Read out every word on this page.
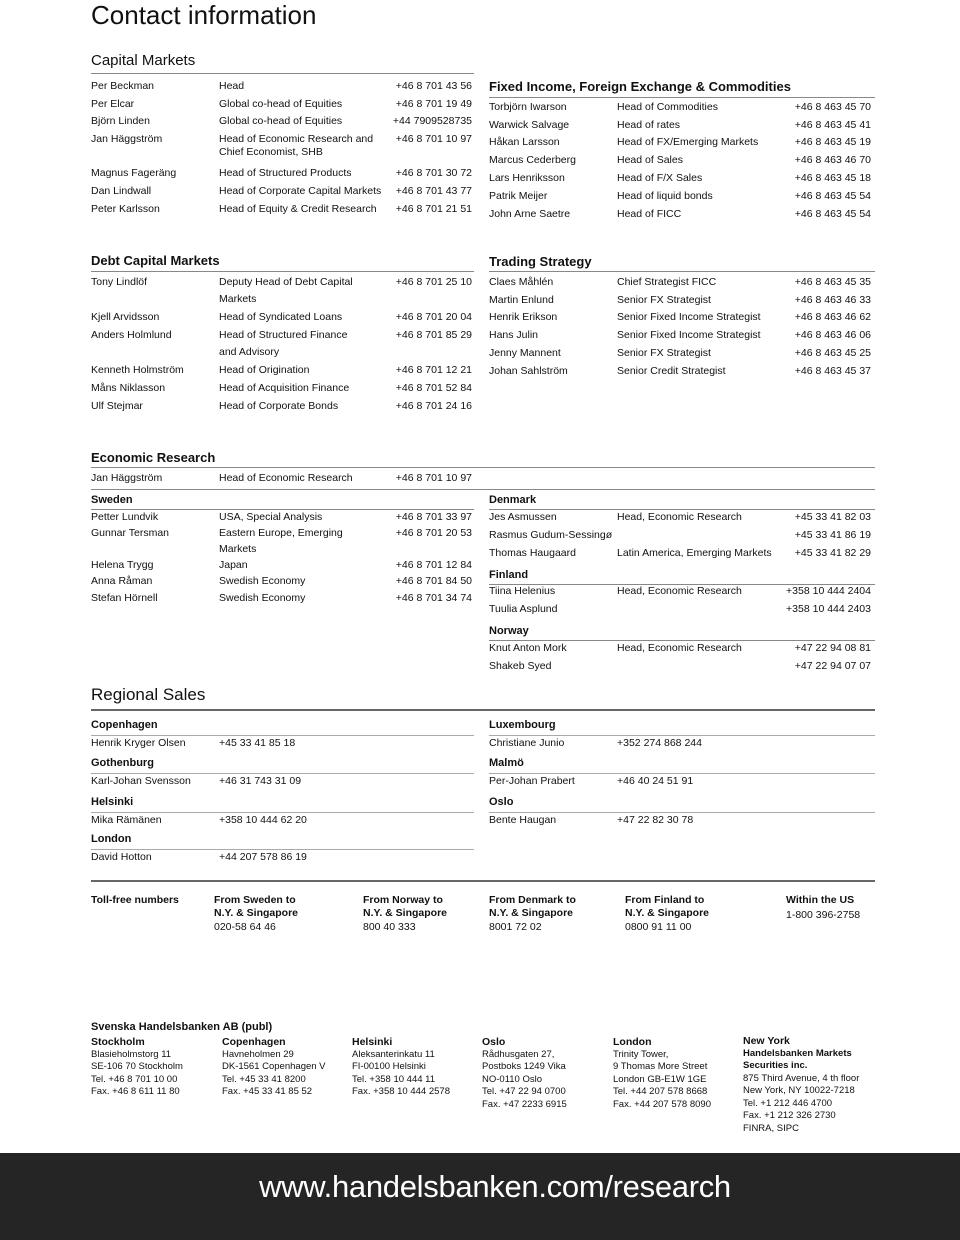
Contact information
Capital Markets
Per Beckman	Head	+46 8 701 43 56
Per Elcar	Global co-head of Equities	+46 8 701 19 49
Björn Linden	Global co-head of Equities	+44 7909528735
Jan Häggström	Head of Economic Research and +46 8 701 10 97
Chief Economist, SHB
Magnus Fageräng	Head of Structured Products	+46 8 701 30 72
Dan Lindwall	Head of Corporate Capital Markets +46 8 701 43 77
Peter Karlsson	Head of Equity & Credit Research +46 8 701 21 51
Fixed Income, Foreign Exchange & Commodities
Torbjörn Iwarson	Head of Commodities	+46 8 463 45 70
Warwick Salvage	Head of rates	+46 8 463 45 41
Håkan Larsson	Head of FX/Emerging Markets	+46 8 463 45 19
Marcus Cederberg	Head of Sales	+46 8 463 46 70
Lars Henriksson	Head of F/X Sales	+46 8 463 45 18
Patrik Meijer	Head of liquid bonds	+46 8 463 45 54
John Arne Saetre	Head of FICC	+46 8 463 45 54
Debt Capital Markets
Tony Lindlöf	Deputy Head of Debt Capital	+46 8 701 25 10
Markets
Kjell Arvidsson	Head of Syndicated Loans	+46 8 701 20 04
Anders Holmlund	Head of Structured Finance	+46 8 701 85 29
and Advisory
Kenneth Holmström	Head of Origination	+46 8 701 12 21
Måns Niklasson	Head of Acquisition Finance	+46 8 701 52 84
Ulf Stejmar	Head of Corporate Bonds	+46 8 701 24 16
Trading Strategy
Claes Måhlén	Chief Strategist FICC	+46 8 463 45 35
Martin Enlund	Senior FX Strategist	+46 8 463 46 33
Henrik Erikson	Senior Fixed Income Strategist	+46 8 463 46 62
Hans Julin	Senior Fixed Income Strategist	+46 8 463 46 06
Jenny Mannent	Senior FX Strategist	+46 8 463 45 25
Johan Sahlström	Senior Credit Strategist	+46 8 463 45 37
Economic Research
Jan Häggström	Head of Economic Research	+46 8 701 10 97
Sweden
Petter Lundvik	USA, Special Analysis	+46 8 701 33 97
Gunnar Tersman	Eastern Europe, Emerging	+46 8 701 20 53
Markets
Helena Trygg	Japan	+46 8 701 12 84
Anna Råman	Swedish Economy	+46 8 701 84 50
Stefan Hörnell	Swedish Economy	+46 8 701 34 74
Denmark
Jes Asmussen	Head, Economic Research	+45 33 41 82 03
Rasmus Gudum-Sessingø	+45 33 41 86 19
Thomas Haugaard	Latin America, Emerging Markets +45 33 41 82 29
Finland
Tiina Helenius	Head, Economic Research	+358 10 444 2404
Tuulia Asplund	+358 10 444 2403
Norway
Knut Anton Mork	Head, Economic Research	+47 22 94 08 81
Shakeb Syed	+47 22 94 07 07
Regional Sales
Copenhagen
Henrik Kryger Olsen	+45 33 41 85 18
Gothenburg
Karl-Johan Svensson	+46 31 743 31 09
Helsinki
Mika Rämänen	+358 10 444 62 20
London
David Hotton	+44 207 578 86 19
Luxembourg
Christiane Junio	+352 274 868 244
Malmö
Per-Johan Prabert	+46 40 24 51 91
Oslo
Bente Haugan	+47 22 82 30 78
Toll-free numbers	From Sweden to
N.Y. & Singapore
020-58 64 46
From Norway to
N.Y. & Singapore
800 40 333
From Denmark to
N.Y. & Singapore
8001 72 02
From Finland to
N.Y. & Singapore
0800 91 11 00
Within the US
1-800 396-2758
Svenska Handelsbanken AB (publ)
Stockholm
Blasieholmstorg 11
SE-106 70 Stockholm
Tel. +46 8 701 10 00
Fax. +46 8 611 11 80
Copenhagen
Havneholmen 29
DK-1561 Copenhagen V
Tel. +45 33 41 8200
Fax. +45 33 41 85 52
Helsinki
Aleksanterinkatu 11
FI-00100 Helsinki
Tel. +358 10 444 11
Fax. +358 10 444 2578
Oslo
Rådhusgaten 27,
Postboks 1249 Vika
NO-0110 Oslo
Tel. +47 22 94 0700
Fax. +47 2233 6915
London
Trinity Tower,
9 Thomas More Street
London GB-E1W 1GE
Tel. +44 207 578 8668
Fax. +44 207 578 8090
New York
Handelsbanken Markets
Securities inc.
875 Third Avenue, 4 th floor
New York, NY 10022-7218
Tel. +1 212 446 4700
Fax. +1 212 326 2730
FINRA, SIPC
www.handelsbanken.com/research
